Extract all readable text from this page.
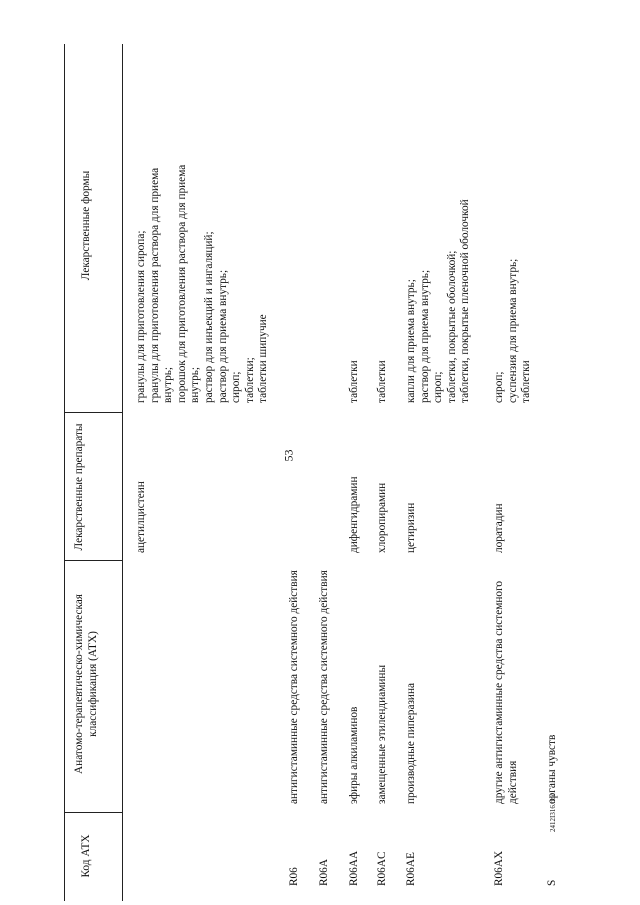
53
2412I316.doc
Код АТХ
Анатомо-терапевтическо-химическая классификация (АТХ)
Лекарственные препараты
Лекарственные формы
ацетилцистеин
гранулы для приготовления сиропа; гранулы для приготовления раствора для приема внутрь; порошок для приготовления раствора для приема внутрь; раствор для инъекций и ингаляций; раствор для приема внутрь; сироп; таблетки; таблетки шипучие
R06
антигистаминные средства системного действия
R06A
антигистаминные средства системного действия
R06AA
эфиры алкиламинов
дифенгидрамин
таблетки
R06AC
замещенные этилендиамины
хлоропирамин
таблетки
R06AE
производные пиперазина
цетиризин
капли для приема внутрь; раствор для приема внутрь; сироп; таблетки, покрытые оболочкой; таблетки, покрытые пленочной оболочкой
R06AX
другие антигистаминные средства системного действия
лоратадин
сироп; суспензия для приема внутрь; таблетки
S
органы чувств
